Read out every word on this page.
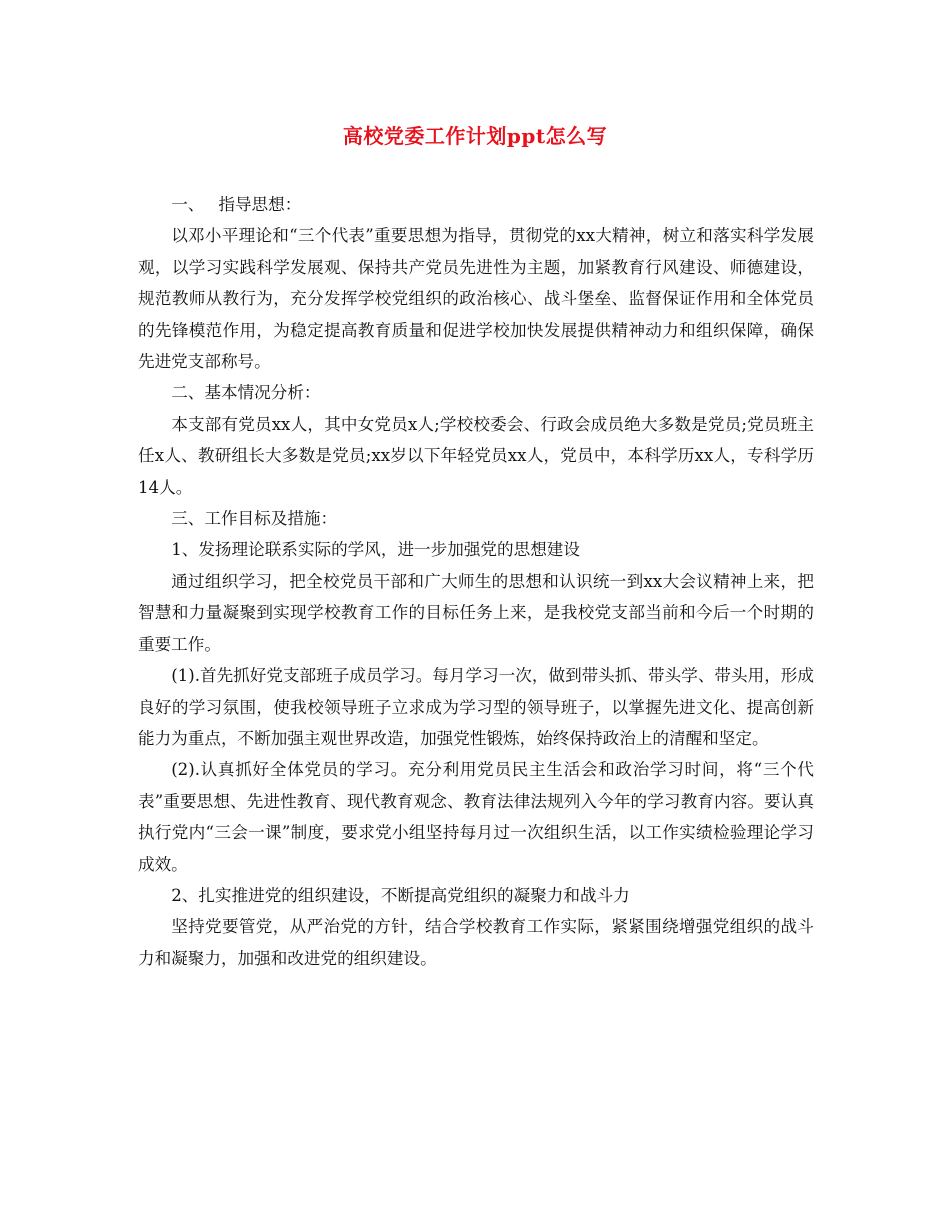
高校党委工作计划ppt怎么写

一、 指导思想：

以邓小平理论和“三个代表”重要思想为指导，贯彻党的xx大精神，树立和落实科学发展观，以学习实践科学发展观、保持共产党员先进性为主题，加紧教育行风建设、师德建设，规范教师从教行为，充分发挥学校党组织的政治核心、战斗堡垒、监督保证作用和全体党员的先锋模范作用，为稳定提高教育质量和促进学校加快发展提供精神动力和组织保障，确保先进党支部称号。

二、基本情况分析：

本支部有党员xx人，其中女党员x人;学校校委会、行政会成员绝大多数是党员;党员班主任x人、教研组长大多数是党员;xx岁以下年轻党员xx人，党员中，本科学历xx人，专科学历14人。

三、工作目标及措施：

1、发扬理论联系实际的学风，进一步加强党的思想建设

通过组织学习，把全校党员干部和广大师生的思想和认识统一到xx大会议精神上来，把智慧和力量凝聚到实现学校教育工作的目标任务上来，是我校党支部当前和今后一个时期的重要工作。

(1).首先抓好党支部班子成员学习。每月学习一次，做到带头抓、带头学、带头用，形成良好的学习氛围，使我校领导班子立求成为学习型的领导班子，以掌握先进文化、提高创新能力为重点，不断加强主观世界改造，加强党性锻炼，始终保持政治上的清醒和坚定。

(2).认真抓好全体党员的学习。充分利用党员民主生活会和政治学习时间，将“三个代表”重要思想、先进性教育、现代教育观念、教育法律法规列入今年的学习教育内容。要认真执行党内“三会一课”制度，要求党小组坚持每月过一次组织生活，以工作实绩检验理论学习成效。

2、扎实推进党的组织建设，不断提高党组织的凝聚力和战斗力

坚持党要管党，从严治党的方针，结合学校教育工作实际，紧紧围绕增强党组织的战斗力和凝聚力，加强和改进党的组织建设。
